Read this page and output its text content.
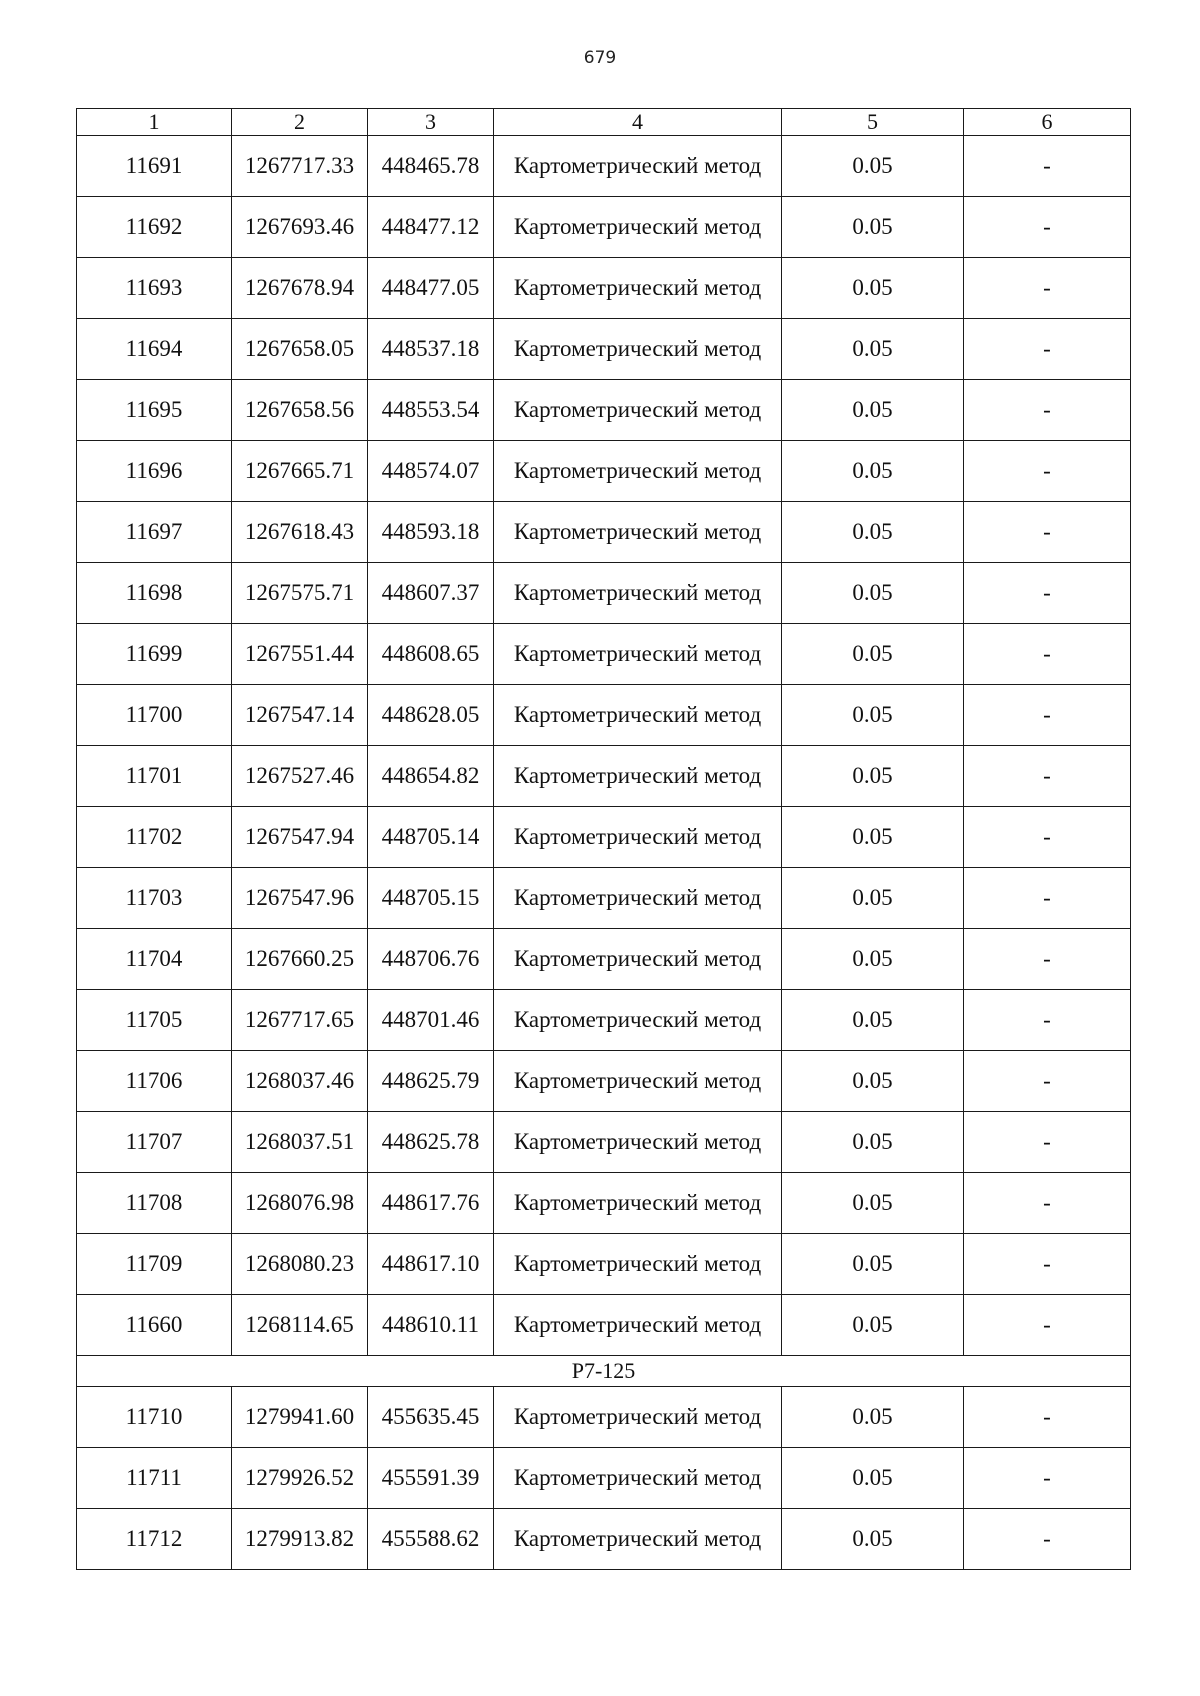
679
1	2	3	4	5	6
11691	1267717.33	448465.78	Картометрический метод	0.05	-
11692	1267693.46	448477.12	Картометрический метод	0.05	-
11693	1267678.94	448477.05	Картометрический метод	0.05	-
11694	1267658.05	448537.18	Картометрический метод	0.05	-
11695	1267658.56	448553.54	Картометрический метод	0.05	-
11696	1267665.71	448574.07	Картометрический метод	0.05	-
11697	1267618.43	448593.18	Картометрический метод	0.05	-
11698	1267575.71	448607.37	Картометрический метод	0.05	-
11699	1267551.44	448608.65	Картометрический метод	0.05	-
11700	1267547.14	448628.05	Картометрический метод	0.05	-
11701	1267527.46	448654.82	Картометрический метод	0.05	-
11702	1267547.94	448705.14	Картометрический метод	0.05	-
11703	1267547.96	448705.15	Картометрический метод	0.05	-
11704	1267660.25	448706.76	Картометрический метод	0.05	-
11705	1267717.65	448701.46	Картометрический метод	0.05	-
11706	1268037.46	448625.79	Картометрический метод	0.05	-
11707	1268037.51	448625.78	Картометрический метод	0.05	-
11708	1268076.98	448617.76	Картометрический метод	0.05	-
11709	1268080.23	448617.10	Картометрический метод	0.05	-
11660	1268114.65	448610.11	Картометрический метод	0.05	-
Р7-125					
11710	1279941.60	455635.45	Картометрический метод	0.05	-
11711	1279926.52	455591.39	Картометрический метод	0.05	-
11712	1279913.82	455588.62	Картометрический метод	0.05	-
